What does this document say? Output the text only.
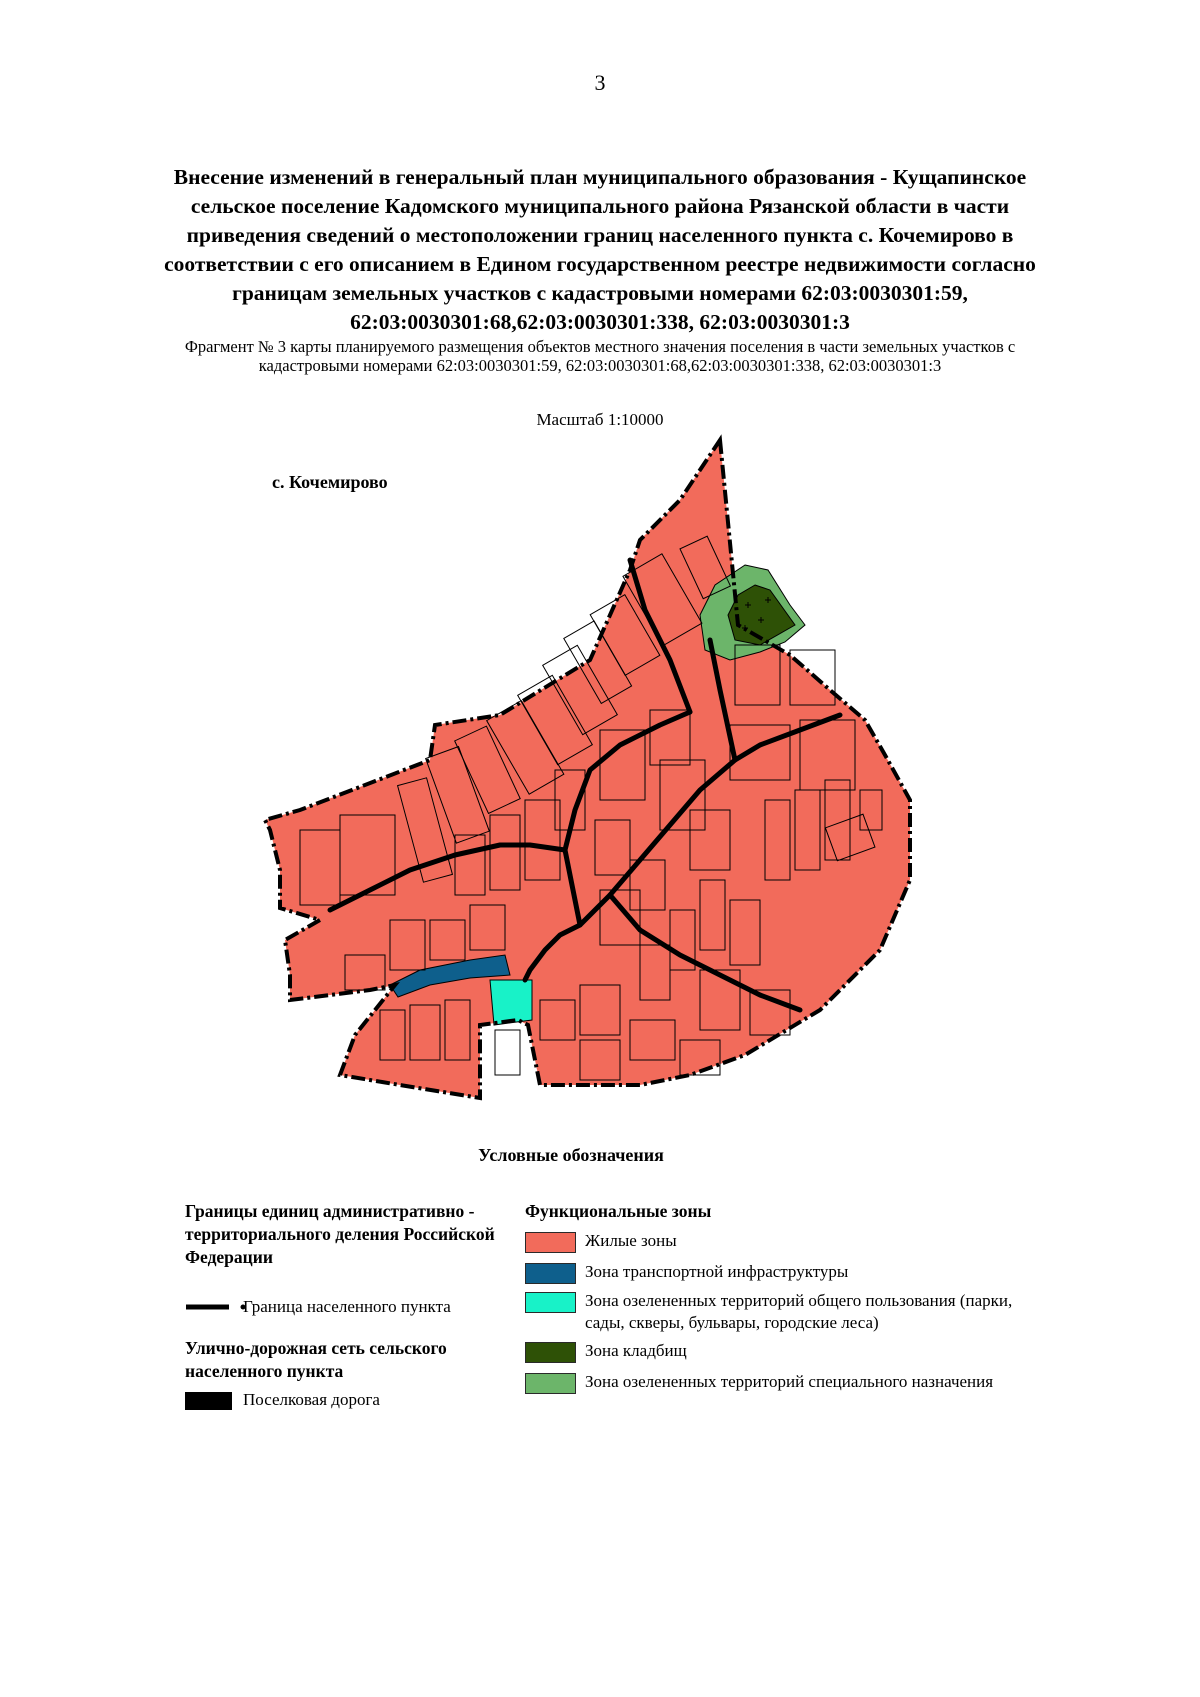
3
Внесение изменений в генеральный план муниципального образования - Кущапинское сельское поселение Кадомского муниципального района Рязанской области в части приведения сведений о местоположении границ населенного пункта с. Кочемирово в соответствии с его описанием в Едином государственном реестре недвижимости согласно границам земельных участков с кадастровыми номерами 62:03:0030301:59, 62:03:0030301:68,62:03:0030301:338, 62:03:0030301:3
Фрагмент № 3 карты планируемого размещения объектов местного значения поселения в части земельных участков с кадастровыми номерами 62:03:0030301:59, 62:03:0030301:68,62:03:0030301:338, 62:03:0030301:3
Масштаб 1:10000
с. Кочемирово
Условные обозначения
Границы единиц административно - территориального деления Российской Федерации
Граница населенного пункта
Улично-дорожная сеть сельского населенного пункта
Поселковая дорога
Функциональные зоны
Жилые зоны
Зона транспортной инфраструктуры
Зона озелененных территорий общего пользования (парки, сады, скверы, бульвары, городские леса)
Зона кладбищ
Зона озелененных территорий специального назначения
